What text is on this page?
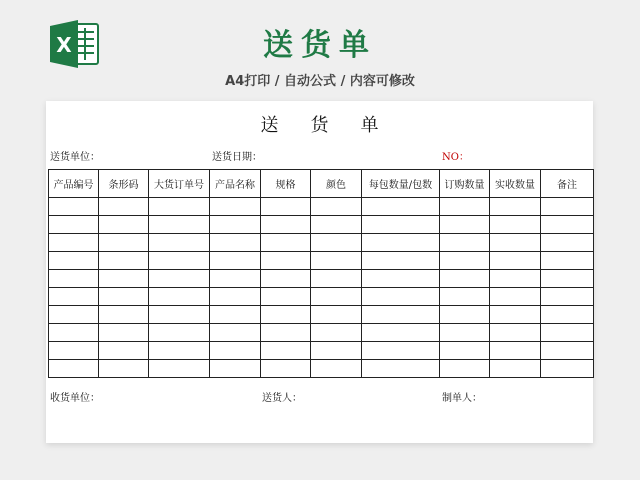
X	送货单
A4打印 / 自动公式 / 内容可修改
送货单
送货单位：	送货日期：	NO：
产品编号	条形码	大货订单号	产品名称	规格	颜色	每包数量/包数	订购数量	实收数量	备注

收货单位：	送货人：	制单人：
